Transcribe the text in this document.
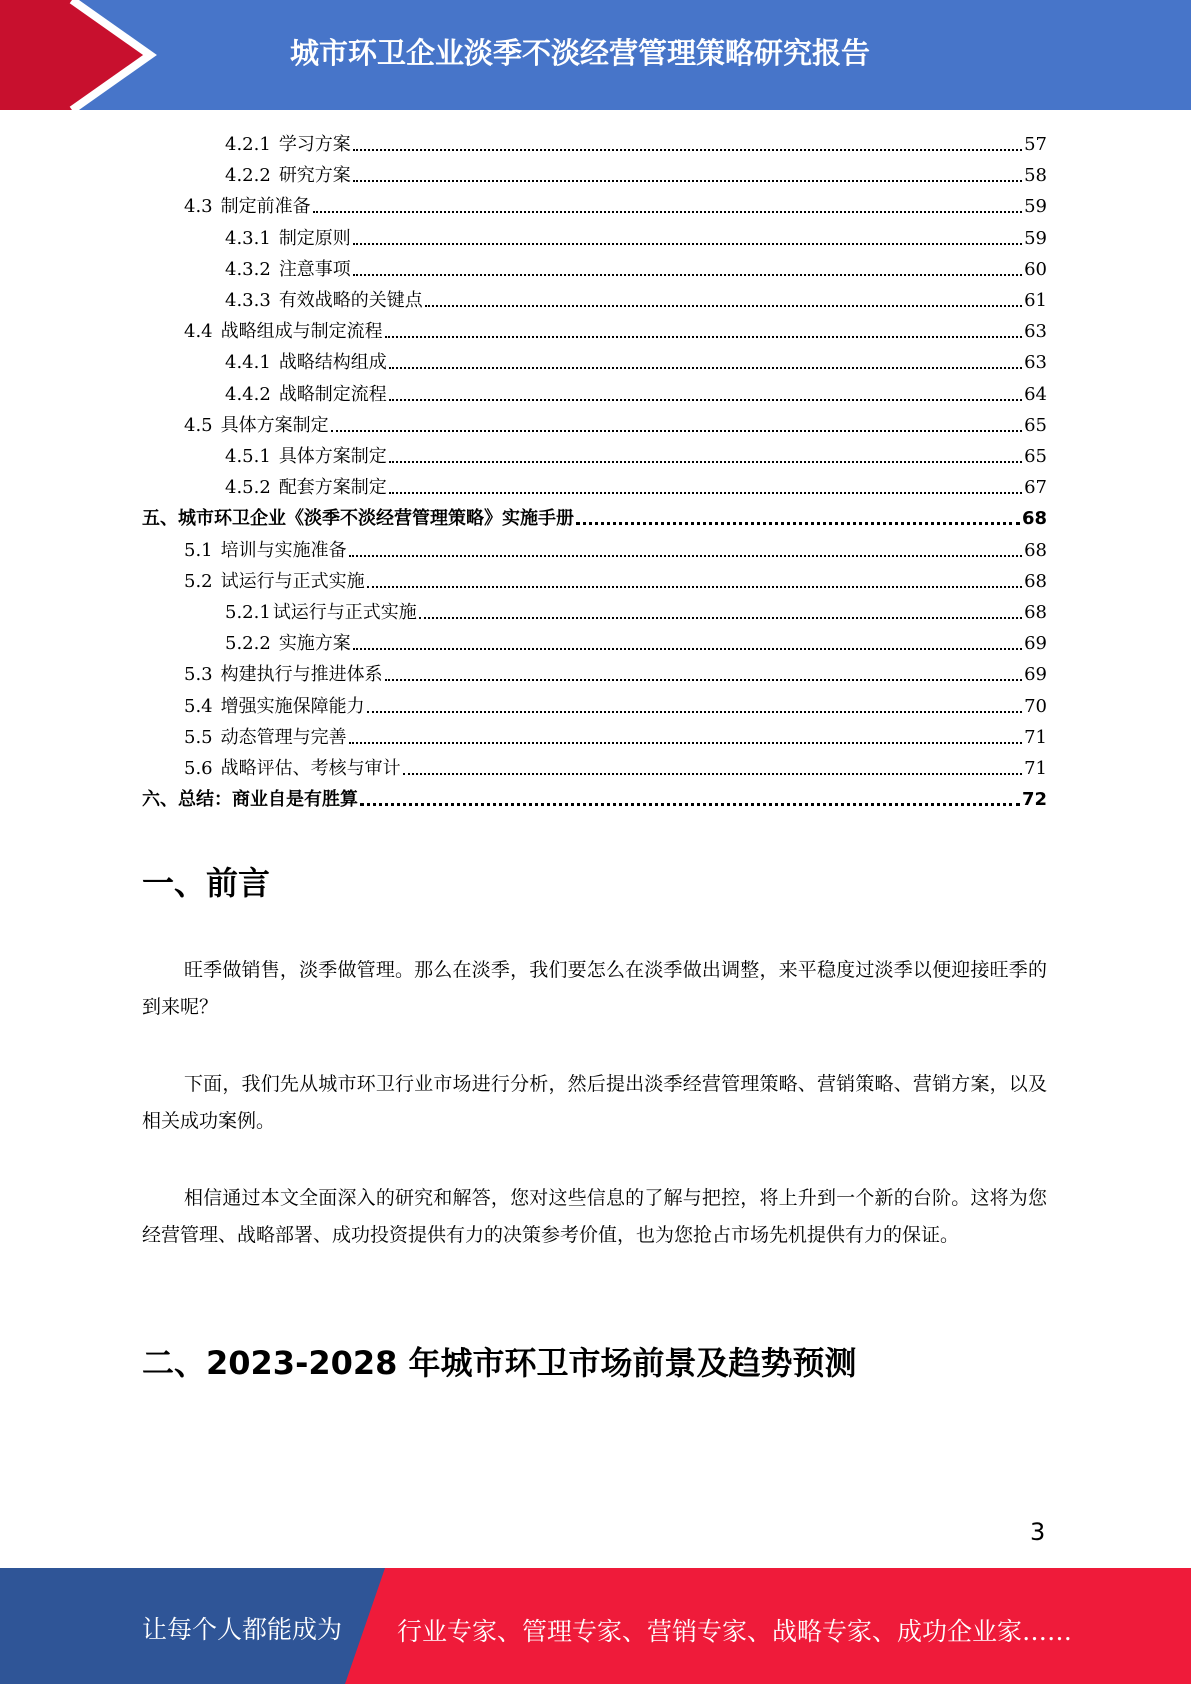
城市环卫企业淡季不淡经营管理策略研究报告
4.2.1 学习方案	57
4.2.2 研究方案	58
4.3 制定前准备	59
4.3.1 制定原则	59
4.3.2 注意事项	60
4.3.3 有效战略的关键点	61
4.4 战略组成与制定流程	63
4.4.1 战略结构组成	63
4.4.2 战略制定流程	64
4.5 具体方案制定	65
4.5.1 具体方案制定	65
4.5.2 配套方案制定	67
五、城市环卫企业《淡季不淡经营管理策略》实施手册	68
5.1 培训与实施准备	68
5.2 试运行与正式实施	68
5.2.1 试运行与正式实施	68
5.2.2 实施方案	69
5.3 构建执行与推进体系	69
5.4 增强实施保障能力	70
5.5 动态管理与完善	71
5.6 战略评估、考核与审计	71
六、总结：商业自是有胜算	72
一、前言
旺季做销售，淡季做管理。那么在淡季，我们要怎么在淡季做出调整，来平稳度过淡季以便迎接旺季的到来呢？
下面，我们先从城市环卫行业市场进行分析，然后提出淡季经营管理策略、营销策略、营销方案，以及相关成功案例。
相信通过本文全面深入的研究和解答，您对这些信息的了解与把控，将上升到一个新的台阶。这将为您经营管理、战略部署、成功投资提供有力的决策参考价值，也为您抢占市场先机提供有力的保证。
二、2023-2028 年城市环卫市场前景及趋势预测
3
让每个人都能成为 行业专家、管理专家、营销专家、战略专家、成功企业家……
